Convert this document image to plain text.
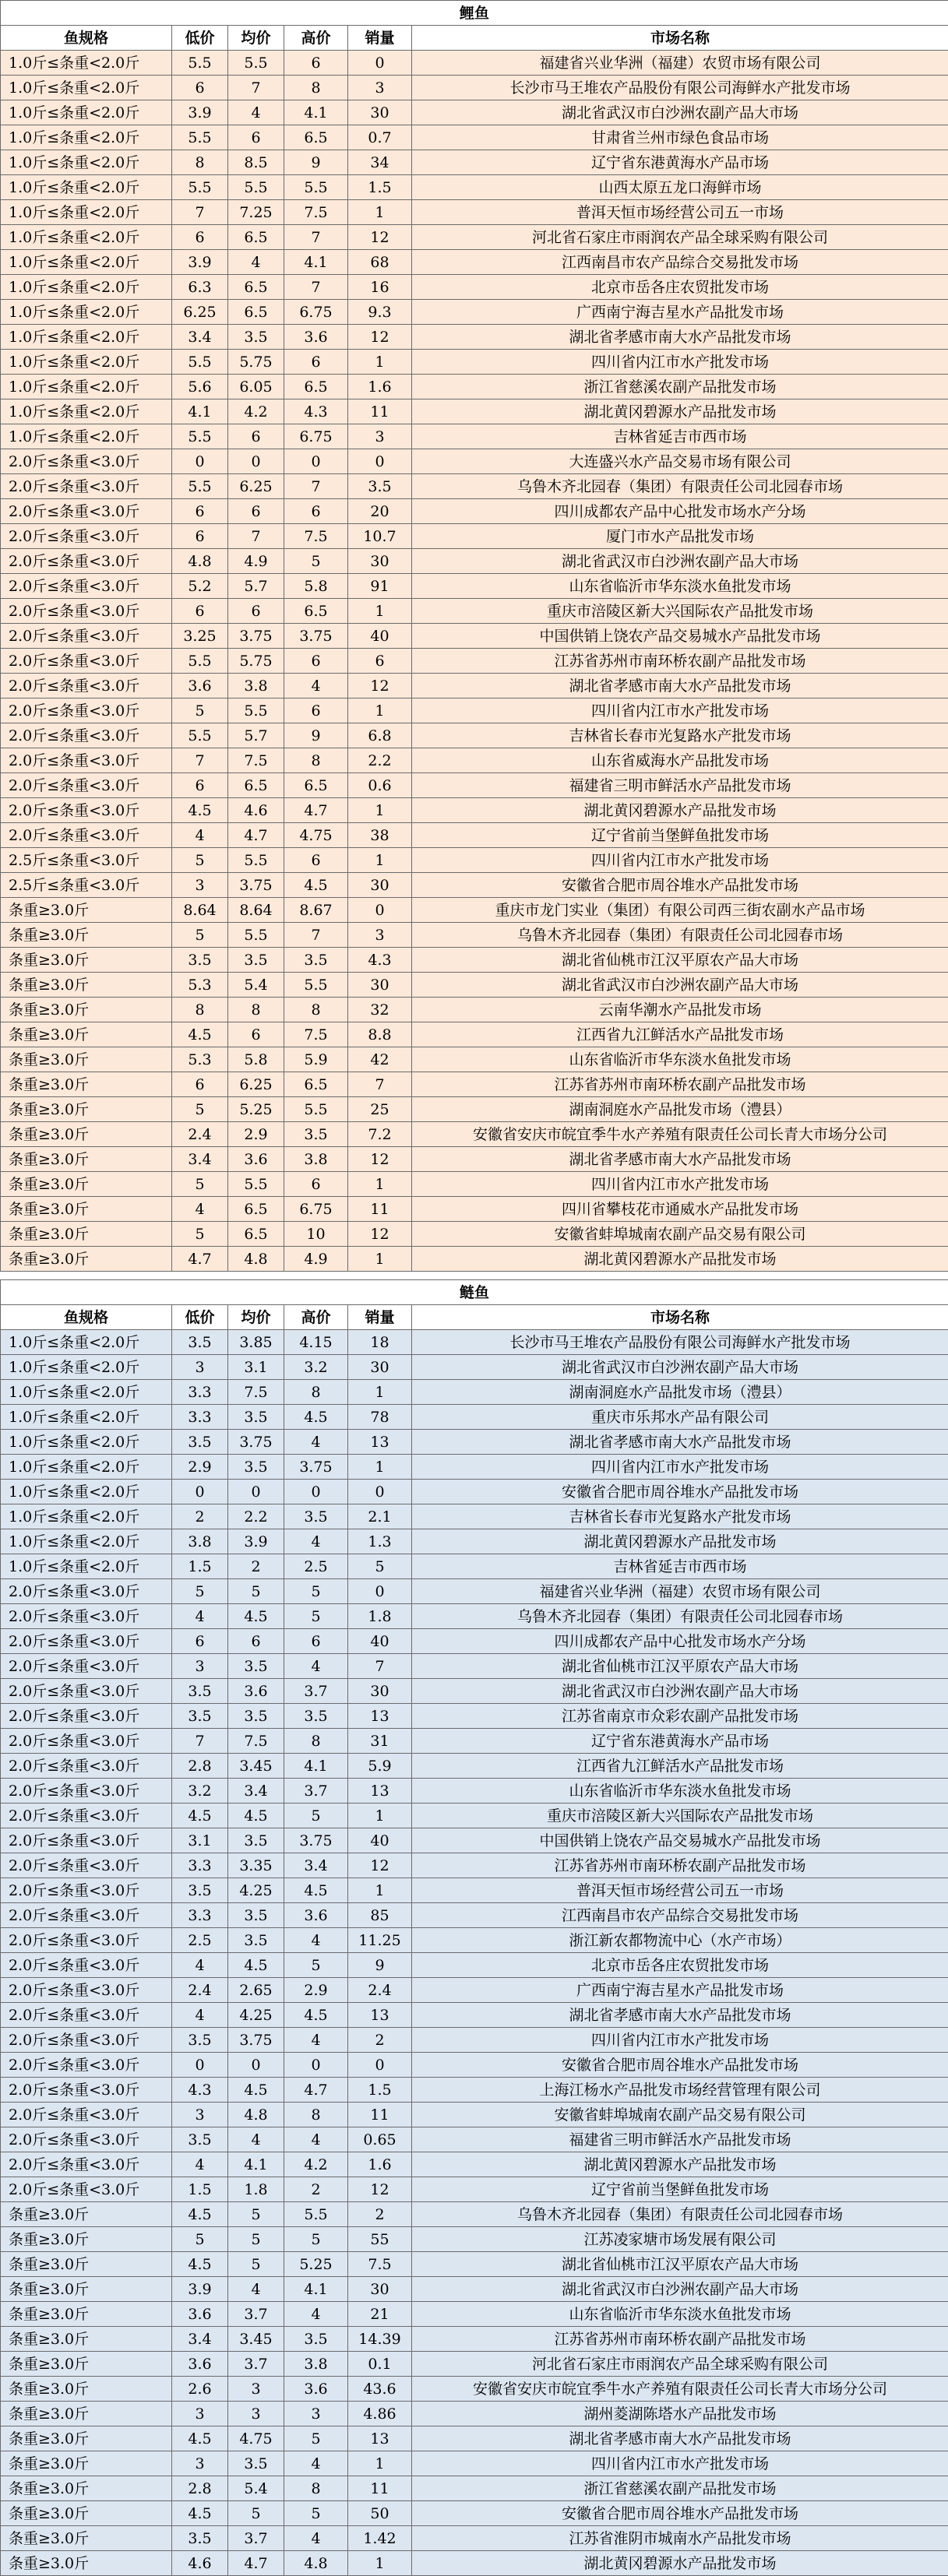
鲤鱼					
鱼规格	低价	均价	高价	销量	市场名称
1.0斤≤条重<2.0斤	5.5	5.5	6	0	福建省兴业华洲（福建）农贸市场有限公司
1.0斤≤条重<2.0斤	6	7	8	3	长沙市马王堆农产品股份有限公司海鲜水产批发市场
1.0斤≤条重<2.0斤	3.9	4	4.1	30	湖北省武汉市白沙洲农副产品大市场
1.0斤≤条重<2.0斤	5.5	6	6.5	0.7	甘肃省兰州市绿色食品市场
1.0斤≤条重<2.0斤	8	8.5	9	34	辽宁省东港黄海水产品市场
1.0斤≤条重<2.0斤	5.5	5.5	5.5	1.5	山西太原五龙口海鲜市场
1.0斤≤条重<2.0斤	7	7.25	7.5	1	普洱天恒市场经营公司五一市场
1.0斤≤条重<2.0斤	6	6.5	7	12	河北省石家庄市雨润农产品全球采购有限公司
1.0斤≤条重<2.0斤	3.9	4	4.1	68	江西南昌市农产品综合交易批发市场
1.0斤≤条重<2.0斤	6.3	6.5	7	16	北京市岳各庄农贸批发市场
1.0斤≤条重<2.0斤	6.25	6.5	6.75	9.3	广西南宁海吉星水产品批发市场
1.0斤≤条重<2.0斤	3.4	3.5	3.6	12	湖北省孝感市南大水产品批发市场
1.0斤≤条重<2.0斤	5.5	5.75	6	1	四川省内江市水产批发市场
1.0斤≤条重<2.0斤	5.6	6.05	6.5	1.6	浙江省慈溪农副产品批发市场
1.0斤≤条重<2.0斤	4.1	4.2	4.3	11	湖北黄冈碧源水产品批发市场
1.0斤≤条重<2.0斤	5.5	6	6.75	3	吉林省延吉市西市场
2.0斤≤条重<3.0斤	0	0	0	0	大连盛兴水产品交易市场有限公司
2.0斤≤条重<3.0斤	5.5	6.25	7	3.5	乌鲁木齐北园春（集团）有限责任公司北园春市场
2.0斤≤条重<3.0斤	6	6	6	20	四川成都农产品中心批发市场水产分场
2.0斤≤条重<3.0斤	6	7	7.5	10.7	厦门市水产品批发市场
2.0斤≤条重<3.0斤	4.8	4.9	5	30	湖北省武汉市白沙洲农副产品大市场
2.0斤≤条重<3.0斤	5.2	5.7	5.8	91	山东省临沂市华东淡水鱼批发市场
2.0斤≤条重<3.0斤	6	6	6.5	1	重庆市涪陵区新大兴国际农产品批发市场
2.0斤≤条重<3.0斤	3.25	3.75	3.75	40	中国供销上饶农产品交易城水产品批发市场
2.0斤≤条重<3.0斤	5.5	5.75	6	6	江苏省苏州市南环桥农副产品批发市场
2.0斤≤条重<3.0斤	3.6	3.8	4	12	湖北省孝感市南大水产品批发市场
2.0斤≤条重<3.0斤	5	5.5	6	1	四川省内江市水产批发市场
2.0斤≤条重<3.0斤	5.5	5.7	9	6.8	吉林省长春市光复路水产批发市场
2.0斤≤条重<3.0斤	7	7.5	8	2.2	山东省威海水产品批发市场
2.0斤≤条重<3.0斤	6	6.5	6.5	0.6	福建省三明市鲜活水产品批发市场
2.0斤≤条重<3.0斤	4.5	4.6	4.7	1	湖北黄冈碧源水产品批发市场
2.0斤≤条重<3.0斤	4	4.7	4.75	38	辽宁省前当堡鲜鱼批发市场
2.5斤≤条重<3.0斤	5	5.5	6	1	四川省内江市水产批发市场
2.5斤≤条重<3.0斤	3	3.75	4.5	30	安徽省合肥市周谷堆水产品批发市场
条重≥3.0斤	8.64	8.64	8.67	0	重庆市龙门实业（集团）有限公司西三街农副水产品市场
条重≥3.0斤	5	5.5	7	3	乌鲁木齐北园春（集团）有限责任公司北园春市场
条重≥3.0斤	3.5	3.5	3.5	4.3	湖北省仙桃市江汉平原农产品大市场
条重≥3.0斤	5.3	5.4	5.5	30	湖北省武汉市白沙洲农副产品大市场
条重≥3.0斤	8	8	8	32	云南华潮水产品批发市场
条重≥3.0斤	4.5	6	7.5	8.8	江西省九江鲜活水产品批发市场
条重≥3.0斤	5.3	5.8	5.9	42	山东省临沂市华东淡水鱼批发市场
条重≥3.0斤	6	6.25	6.5	7	江苏省苏州市南环桥农副产品批发市场
条重≥3.0斤	5	5.25	5.5	25	湖南洞庭水产品批发市场（澧县）
条重≥3.0斤	2.4	2.9	3.5	7.2	安徽省安庆市皖宜季牛水产养殖有限责任公司长青大市场分公司
条重≥3.0斤	3.4	3.6	3.8	12	湖北省孝感市南大水产品批发市场
条重≥3.0斤	5	5.5	6	1	四川省内江市水产批发市场
条重≥3.0斤	4	6.5	6.75	11	四川省攀枝花市通威水产品批发市场
条重≥3.0斤	5	6.5	10	12	安徽省蚌埠城南农副产品交易有限公司
条重≥3.0斤	4.7	4.8	4.9	1	湖北黄冈碧源水产品批发市场

鲢鱼					
鱼规格	低价	均价	高价	销量	市场名称
1.0斤≤条重<2.0斤	3.5	3.85	4.15	18	长沙市马王堆农产品股份有限公司海鲜水产批发市场
1.0斤≤条重<2.0斤	3	3.1	3.2	30	湖北省武汉市白沙洲农副产品大市场
1.0斤≤条重<2.0斤	3.3	7.5	8	1	湖南洞庭水产品批发市场（澧县）
1.0斤≤条重<2.0斤	3.3	3.5	4.5	78	重庆市乐邦水产品有限公司
1.0斤≤条重<2.0斤	3.5	3.75	4	13	湖北省孝感市南大水产品批发市场
1.0斤≤条重<2.0斤	2.9	3.5	3.75	1	四川省内江市水产批发市场
1.0斤≤条重<2.0斤	0	0	0	0	安徽省合肥市周谷堆水产品批发市场
1.0斤≤条重<2.0斤	2	2.2	3.5	2.1	吉林省长春市光复路水产批发市场
1.0斤≤条重<2.0斤	3.8	3.9	4	1.3	湖北黄冈碧源水产品批发市场
1.0斤≤条重<2.0斤	1.5	2	2.5	5	吉林省延吉市西市场
2.0斤≤条重<3.0斤	5	5	5	0	福建省兴业华洲（福建）农贸市场有限公司
2.0斤≤条重<3.0斤	4	4.5	5	1.8	乌鲁木齐北园春（集团）有限责任公司北园春市场
2.0斤≤条重<3.0斤	6	6	6	40	四川成都农产品中心批发市场水产分场
2.0斤≤条重<3.0斤	3	3.5	4	7	湖北省仙桃市江汉平原农产品大市场
2.0斤≤条重<3.0斤	3.5	3.6	3.7	30	湖北省武汉市白沙洲农副产品大市场
2.0斤≤条重<3.0斤	3.5	3.5	3.5	13	江苏省南京市众彩农副产品批发市场
2.0斤≤条重<3.0斤	7	7.5	8	31	辽宁省东港黄海水产品市场
2.0斤≤条重<3.0斤	2.8	3.45	4.1	5.9	江西省九江鲜活水产品批发市场
2.0斤≤条重<3.0斤	3.2	3.4	3.7	13	山东省临沂市华东淡水鱼批发市场
2.0斤≤条重<3.0斤	4.5	4.5	5	1	重庆市涪陵区新大兴国际农产品批发市场
2.0斤≤条重<3.0斤	3.1	3.5	3.75	40	中国供销上饶农产品交易城水产品批发市场
2.0斤≤条重<3.0斤	3.3	3.35	3.4	12	江苏省苏州市南环桥农副产品批发市场
2.0斤≤条重<3.0斤	3.5	4.25	4.5	1	普洱天恒市场经营公司五一市场
2.0斤≤条重<3.0斤	3.3	3.5	3.6	85	江西南昌市农产品综合交易批发市场
2.0斤≤条重<3.0斤	2.5	3.5	4	11.25	浙江新农都物流中心（水产市场）
2.0斤≤条重<3.0斤	4	4.5	5	9	北京市岳各庄农贸批发市场
2.0斤≤条重<3.0斤	2.4	2.65	2.9	2.4	广西南宁海吉星水产品批发市场
2.0斤≤条重<3.0斤	4	4.25	4.5	13	湖北省孝感市南大水产品批发市场
2.0斤≤条重<3.0斤	3.5	3.75	4	2	四川省内江市水产批发市场
2.0斤≤条重<3.0斤	0	0	0	0	安徽省合肥市周谷堆水产品批发市场
2.0斤≤条重<3.0斤	4.3	4.5	4.7	1.5	上海江杨水产品批发市场经营管理有限公司
2.0斤≤条重<3.0斤	3	4.8	8	11	安徽省蚌埠城南农副产品交易有限公司
2.0斤≤条重<3.0斤	3.5	4	4	0.65	福建省三明市鲜活水产品批发市场
2.0斤≤条重<3.0斤	4	4.1	4.2	1.6	湖北黄冈碧源水产品批发市场
2.0斤≤条重<3.0斤	1.5	1.8	2	12	辽宁省前当堡鲜鱼批发市场
条重≥3.0斤	4.5	5	5.5	2	乌鲁木齐北园春（集团）有限责任公司北园春市场
条重≥3.0斤	5	5	5	55	江苏凌家塘市场发展有限公司
条重≥3.0斤	4.5	5	5.25	7.5	湖北省仙桃市江汉平原农产品大市场
条重≥3.0斤	3.9	4	4.1	30	湖北省武汉市白沙洲农副产品大市场
条重≥3.0斤	3.6	3.7	4	21	山东省临沂市华东淡水鱼批发市场
条重≥3.0斤	3.4	3.45	3.5	14.39	江苏省苏州市南环桥农副产品批发市场
条重≥3.0斤	3.6	3.7	3.8	0.1	河北省石家庄市雨润农产品全球采购有限公司
条重≥3.0斤	2.6	3	3.6	43.6	安徽省安庆市皖宜季牛水产养殖有限责任公司长青大市场分公司
条重≥3.0斤	3	3	3	4.86	湖州菱湖陈塔水产品批发市场
条重≥3.0斤	4.5	4.75	5	13	湖北省孝感市南大水产品批发市场
条重≥3.0斤	3	3.5	4	1	四川省内江市水产批发市场
条重≥3.0斤	2.8	5.4	8	11	浙江省慈溪农副产品批发市场
条重≥3.0斤	4.5	5	5	50	安徽省合肥市周谷堆水产品批发市场
条重≥3.0斤	3.5	3.7	4	1.42	江苏省淮阴市城南水产品批发市场
条重≥3.0斤	4.6	4.7	4.8	1	湖北黄冈碧源水产品批发市场
